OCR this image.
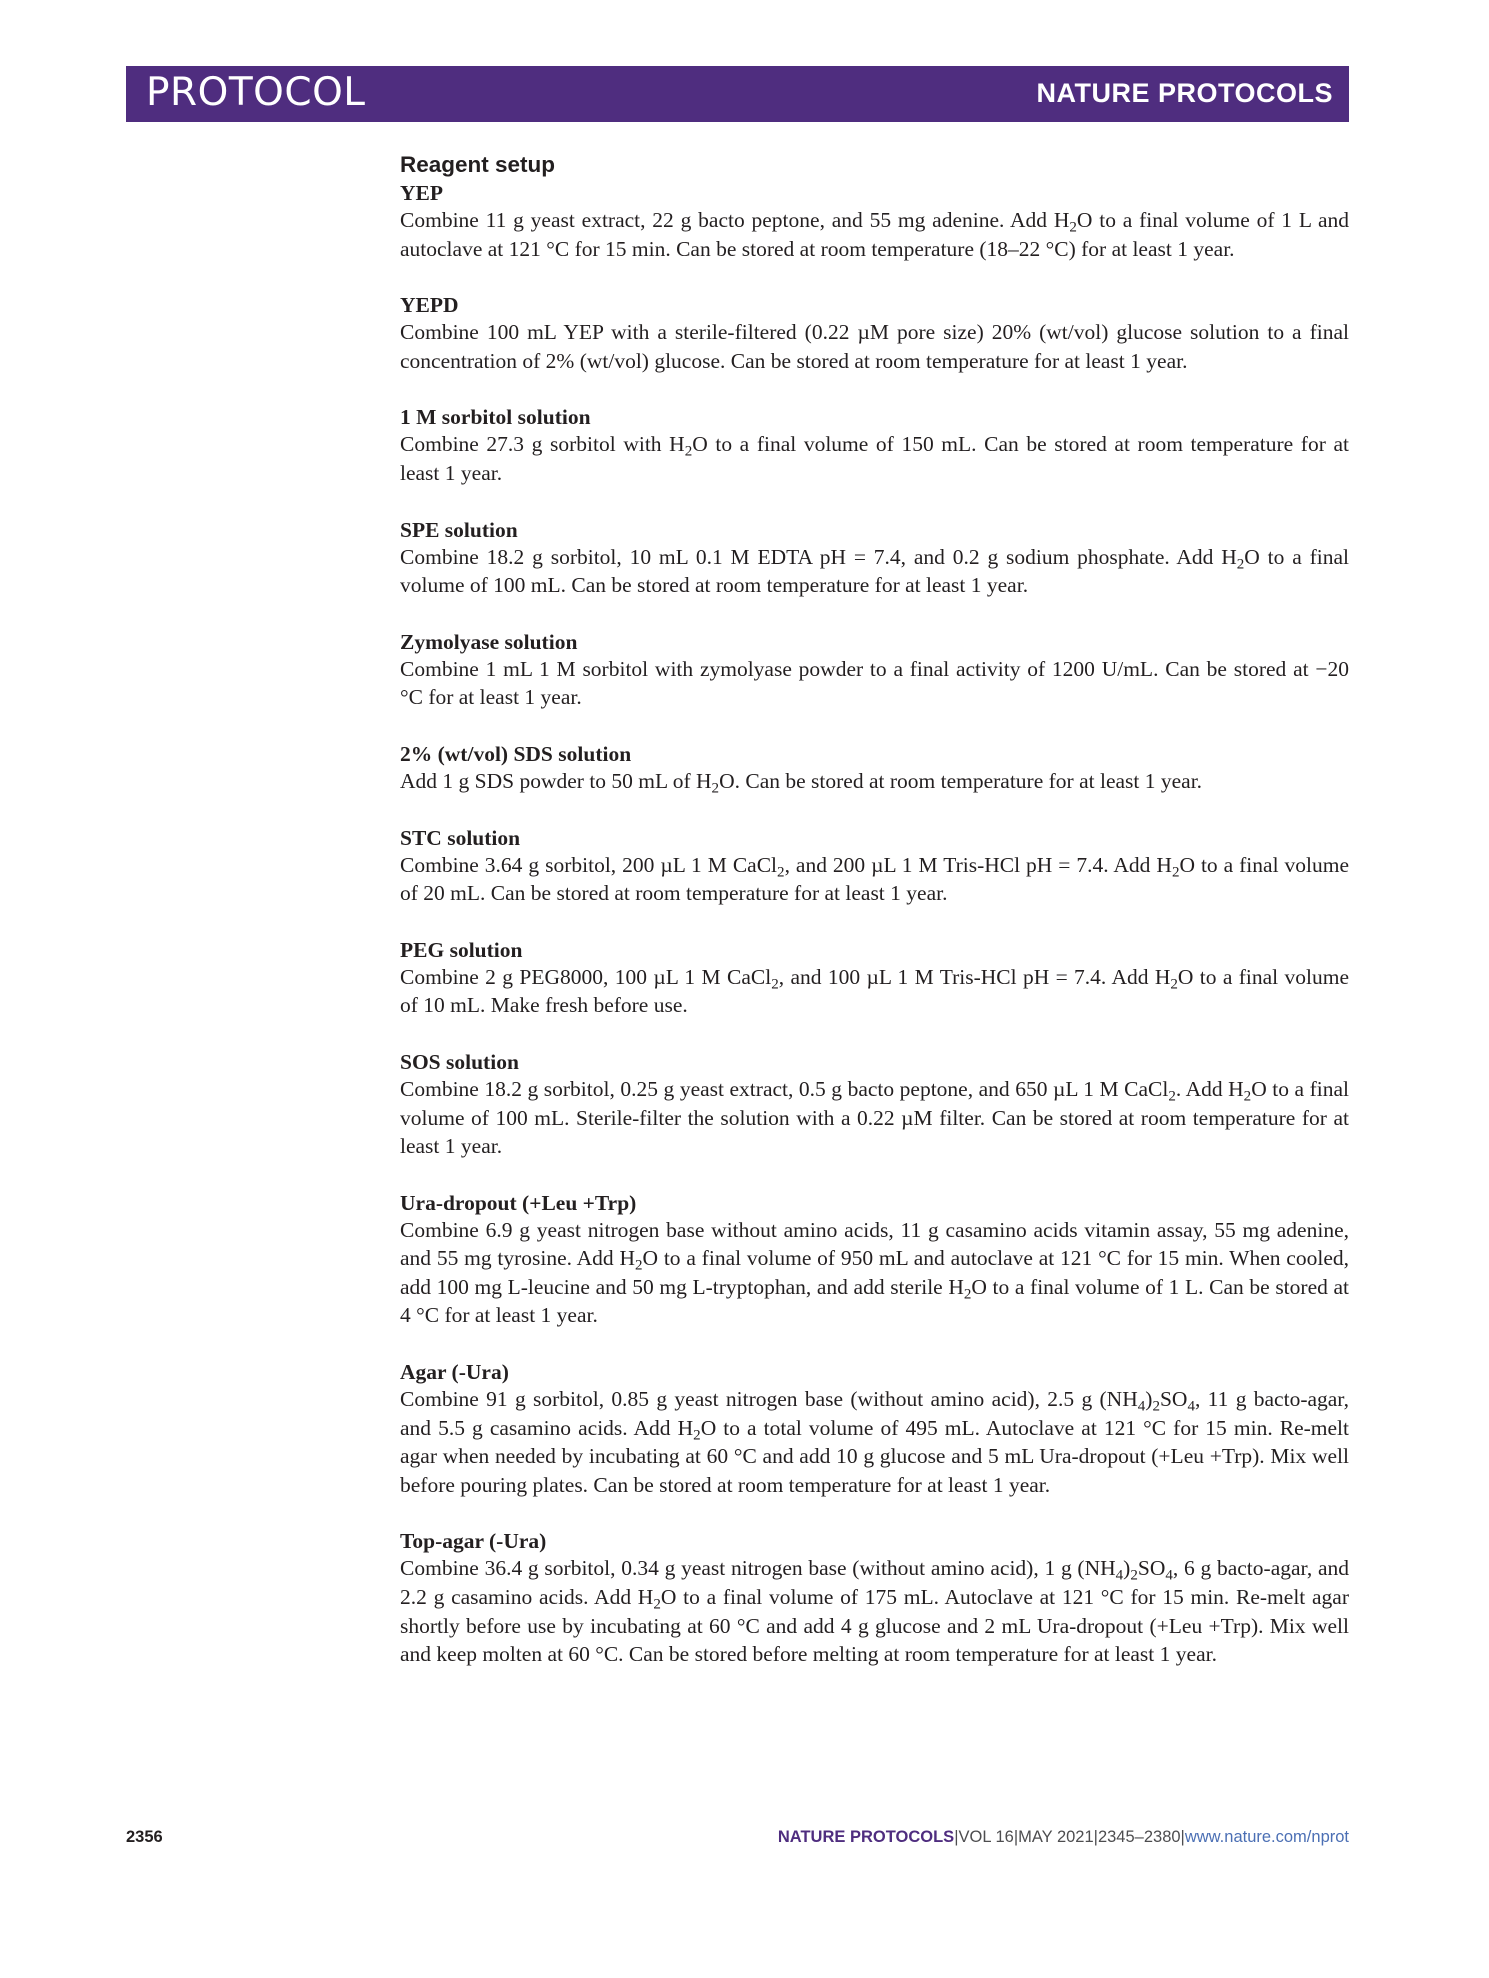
PROTOCOL	NATURE PROTOCOLS
Reagent setup

YEP

Combine 11 g yeast extract, 22 g bacto peptone, and 55 mg adenine. Add $H_2O$ to a final volume of 1 L and autoclave at 121 °C for 15 min. Can be stored at room temperature (18–22 °C) for at least 1 year.

YEPD

Combine 100 mL YEP with a sterile-filtered (0.22 µM pore size) 20% (wt/vol) glucose solution to a final concentration of 2% (wt/vol) glucose. Can be stored at room temperature for at least 1 year.

1 M sorbitol solution

Combine 27.3 g sorbitol with $H_2O$ to a final volume of 150 mL. Can be stored at room temperature for at least 1 year.

SPE solution

Combine 18.2 g sorbitol, 10 mL 0.1 M EDTA pH = 7.4, and 0.2 g sodium phosphate. Add $H_2O$ to a final volume of 100 mL. Can be stored at room temperature for at least 1 year.

Zymolyase solution

Combine 1 mL 1 M sorbitol with zymolyase powder to a final activity of 1200 U/mL. Can be stored at −20 °C for at least 1 year.

2% (wt/vol) SDS solution

Add 1 g SDS powder to 50 mL of $H_2O$. Can be stored at room temperature for at least 1 year.

STC solution

Combine 3.64 g sorbitol, 200 µL 1 M CaCl$_2$, and 200 µL 1 M Tris-HCl pH = 7.4. Add $H_2O$ to a final volume of 20 mL. Can be stored at room temperature for at least 1 year.

PEG solution

Combine 2 g PEG8000, 100 µL 1 M CaCl$_2$, and 100 µL 1 M Tris-HCl pH = 7.4. Add $H_2O$ to a final volume of 10 mL. Make fresh before use.

SOS solution

Combine 18.2 g sorbitol, 0.25 g yeast extract, 0.5 g bacto peptone, and 650 µL 1 M CaCl$_2$. Add $H_2O$ to a final volume of 100 mL. Sterile-filter the solution with a 0.22 µM filter. Can be stored at room temperature for at least 1 year.

Ura-dropout (+Leu +Trp)

Combine 6.9 g yeast nitrogen base without amino acids, 11 g casamino acids vitamin assay, 55 mg adenine, and 55 mg tyrosine. Add $H_2O$ to a final volume of 950 mL and autoclave at 121 °C for 15 min. When cooled, add 100 mg L-leucine and 50 mg L-tryptophan, and add sterile $H_2O$ to a final volume of 1 L. Can be stored at 4 °C for at least 1 year.

Agar (-Ura)

Combine 91 g sorbitol, 0.85 g yeast nitrogen base (without amino acid), 2.5 g $(NH_4)_2SO_4$, 11 g bacto-agar, and 5.5 g casamino acids. Add $H_2O$ to a total volume of 495 mL. Autoclave at 121 °C for 15 min. Re-melt agar when needed by incubating at 60 °C and add 10 g glucose and 5 mL Ura-dropout (+Leu +Trp). Mix well before pouring plates. Can be stored at room temperature for at least 1 year.

Top-agar (-Ura)

Combine 36.4 g sorbitol, 0.34 g yeast nitrogen base (without amino acid), 1 g $(NH_4)_2SO_4$, 6 g bacto-agar, and 2.2 g casamino acids. Add $H_2O$ to a final volume of 175 mL. Autoclave at 121 °C for 15 min. Re-melt agar shortly before use by incubating at 60 °C and add 4 g glucose and 2 mL Ura-dropout (+Leu +Trp). Mix well and keep molten at 60 °C. Can be stored before melting at room temperature for at least 1 year.

2356	NATURE PROTOCOLS|VOL 16|MAY 2021|2345–2380|www.nature.com/nprot
